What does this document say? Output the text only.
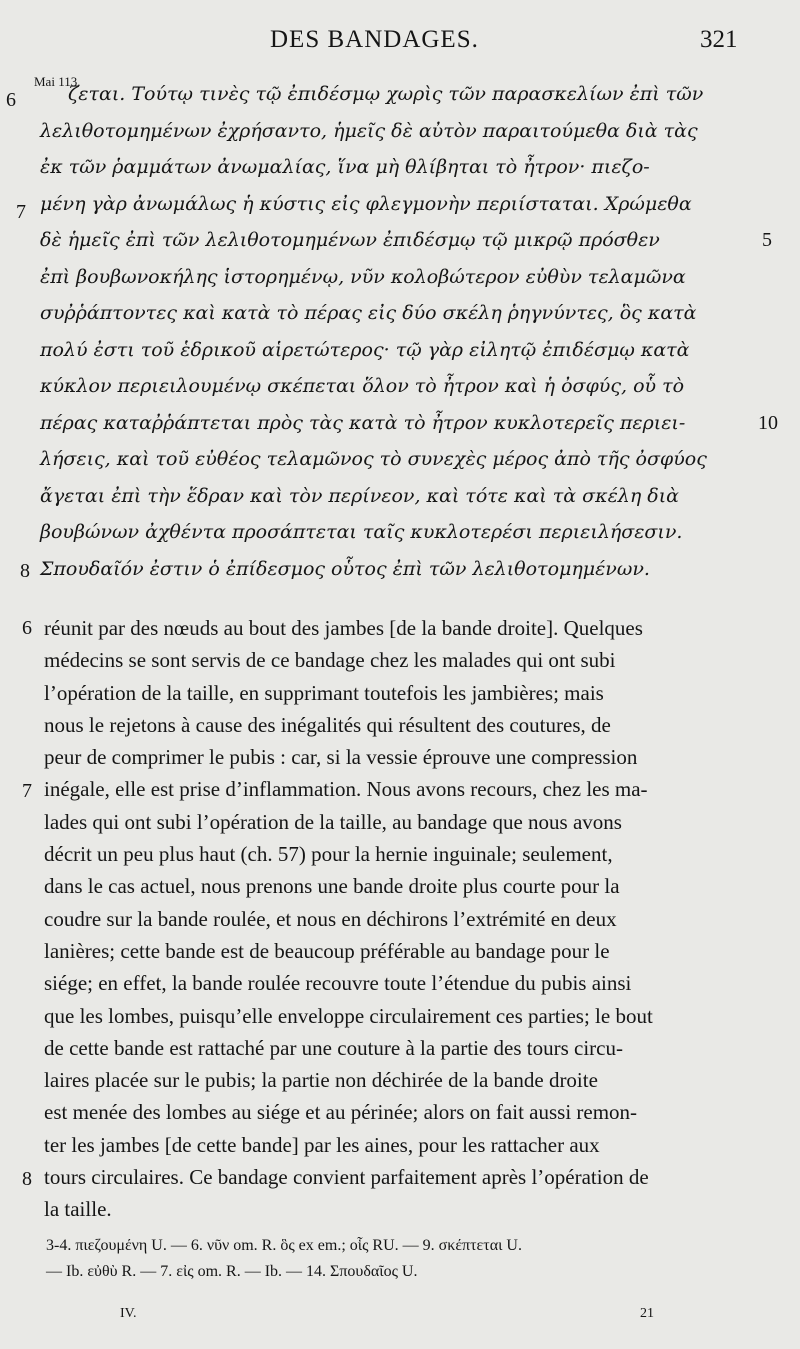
DES BANDAGES.	321
Mai 113.
6	ζεται. Τούτῳ τινὲς τῷ ἐπιδέσμῳ χωρὶς τῶν παρασκελίων ἐπὶ τῶν
λελιθοτομημένων ἐχρήσαντο, ἡμεῖς δὲ αὐτὸν παραιτούμεθα διὰ τὰς
ἐκ τῶν ῥαμμάτων ἀνωμαλίας, ἵνα μὴ θλίβηται τὸ ἦτρον· πιεζο-
7 μένη γὰρ ἀνωμάλως ἡ κύστις εἰς φλεγμονὴν περιίσταται. Χρώμεθα
δὲ ἡμεῖς ἐπὶ τῶν λελιθοτομημένων ἐπιδέσμῳ τῷ μικρῷ πρόσθεν	5
ἐπὶ βουβωνοκήλης ἱστορημένῳ, νῦν κολοβώτερον εὐθὺν τελαμῶνα
συῤῥάπτοντες καὶ κατὰ τὸ πέρας εἰς δύο σκέλη ῥηγνύντες, ὃς κατὰ
πολύ ἐστι τοῦ ἑδρικοῦ αἱρετώτερος· τῷ γὰρ εἰλητῷ ἐπιδέσμῳ κατὰ
κύκλον περιειλουμένῳ σκέπεται ὅλον τὸ ἦτρον καὶ ἡ ὀσφύς, οὗ τὸ
πέρας καταῤῥάπτεται πρὸς τὰς κατὰ τὸ ἦτρον κυκλοτερεῖς περιει-	10
λήσεις, καὶ τοῦ εὐθέος τελαμῶνος τὸ συνεχὲς μέρος ἀπὸ τῆς ὀσφύος
ἄγεται ἐπὶ τὴν ἕδραν καὶ τὸν περίνεον, καὶ τότε καὶ τὰ σκέλη διὰ
βουβώνων ἀχθέντα προσάπτεται ταῖς κυκλοτερέσι περιειλήσεσιν.
8 Σπουδαῖόν ἐστιν ὁ ἐπίδεσμος οὗτος ἐπὶ τῶν λελιθοτομημένων.
6 réunit par des nœuds au bout des jambes [de la bande droite]. Quelques
médecins se sont servis de ce bandage chez les malades qui ont subi
l’opération de la taille, en supprimant toutefois les jambières; mais
nous le rejetons à cause des inégalités qui résultent des coutures, de
peur de comprimer le pubis : car, si la vessie éprouve une compression
7 inégale, elle est prise d’inflammation. Nous avons recours, chez les ma-
lades qui ont subi l’opération de la taille, au bandage que nous avons
décrit un peu plus haut (ch. 57) pour la hernie inguinale; seulement,
dans le cas actuel, nous prenons une bande droite plus courte pour la
coudre sur la bande roulée, et nous en déchirons l’extrémité en deux
lanières; cette bande est de beaucoup préférable au bandage pour le
siége; en effet, la bande roulée recouvre toute l’étendue du pubis ainsi
que les lombes, puisqu’elle enveloppe circulairement ces parties; le bout
de cette bande est rattaché par une couture à la partie des tours circu-
laires placée sur le pubis; la partie non déchirée de la bande droite
est menée des lombes au siége et au périnée; alors on fait aussi remon-
ter les jambes [de cette bande] par les aines, pour les rattacher aux
8 tours circulaires. Ce bandage convient parfaitement après l’opération de
la taille.
3-4. πιεζουμένη U. — 6. νῦν om. R. ὃς ex em.; οἷς RU. — 9. σκέπτεται U.
— Ib. εὐθὺ R. — 7. εἰς om. R. — Ib. — 14. Σπουδαῖος U.
IV.	21
